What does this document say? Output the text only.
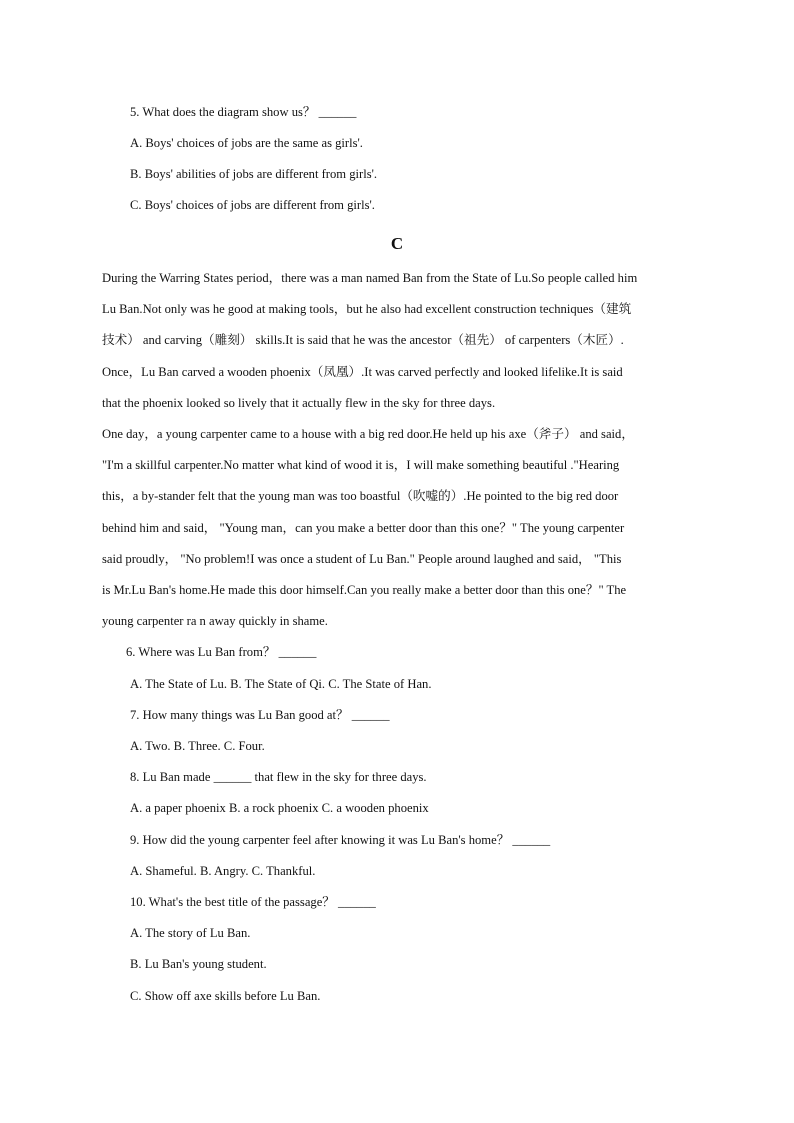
5. What does the diagram show us？ ______
A. Boys' choices of jobs are the same as girls'.
B. Boys' abilities of jobs are different from girls'.
C. Boys' choices of jobs are different from girls'.
C
During the Warring States period，there was a man named Ban from the State of Lu.So people called him
Lu Ban.Not only was he good at making tools，but he also had excellent construction techniques（建筑
技术） and carving（雕刻） skills.It is said that he was the ancestor（祖先） of carpenters（木匠）.
Once，Lu Ban carved a wooden phoenix（凤凰）.It was carved perfectly and looked lifelike.It is said
that the phoenix looked so lively that it actually flew in the sky for three days.
One day，a young carpenter came to a house with a big red door.He held up his axe（斧子） and said，
"I'm a skillful carpenter.No matter what kind of wood it is，I will make something beautiful ."Hearing
this，a by-stander felt that the young man was too boastful（吹嘘的）.He pointed to the big red door
behind him and said， "Young man，can you make a better door than this one？" The young carpenter
said proudly， "No problem!I was once a student of Lu Ban." People around laughed and said， "This
is Mr.Lu Ban's home.He made this door himself.Can you really make a better door than this one？" The
young carpenter ra n away quickly in shame.
6. Where was Lu Ban from？ ______
A. The State of Lu. B. The State of Qi. C. The State of Han.
7. How many things was Lu Ban good at？ ______
A. Two. B. Three. C. Four.
8. Lu Ban made ______ that flew in the sky for three days.
A. a paper phoenix B. a rock phoenix C. a wooden phoenix
9. How did the young carpenter feel after knowing it was Lu Ban's home？ ______
A. Shameful. B. Angry. C. Thankful.
10. What's the best title of the passage？ ______
A. The story of Lu Ban.
B. Lu Ban's young student.
C. Show off axe skills before Lu Ban.
